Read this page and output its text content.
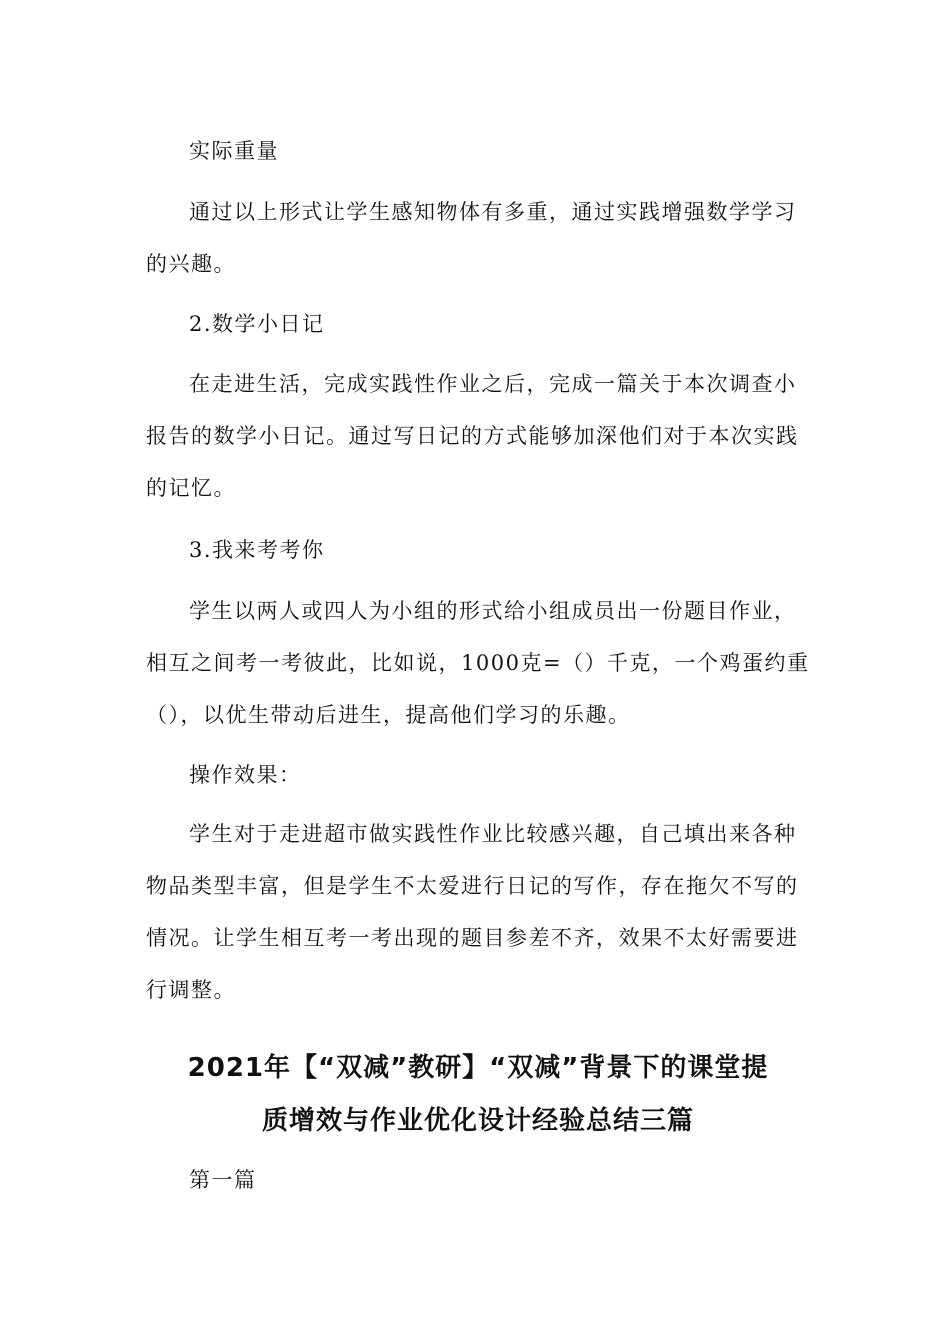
实际重量
通过以上形式让学生感知物体有多重，通过实践增强数学学习的兴趣。
2.数学小日记
在走进生活，完成实践性作业之后，完成一篇关于本次调查小报告的数学小日记。通过写日记的方式能够加深他们对于本次实践的记忆。
3.我来考考你
学生以两人或四人为小组的形式给小组成员出一份题目作业，相互之间考一考彼此，比如说，1000克=（）千克，一个鸡蛋约重（），以优生带动后进生，提高他们学习的乐趣。
操作效果：
学生对于走进超市做实践性作业比较感兴趣，自己填出来各种物品类型丰富，但是学生不太爱进行日记的写作，存在拖欠不写的情况。让学生相互考一考出现的题目参差不齐，效果不太好需要进行调整。
2021年【“双减”教研】“双减”背景下的课堂提
质增效与作业优化设计经验总结三篇
第一篇
